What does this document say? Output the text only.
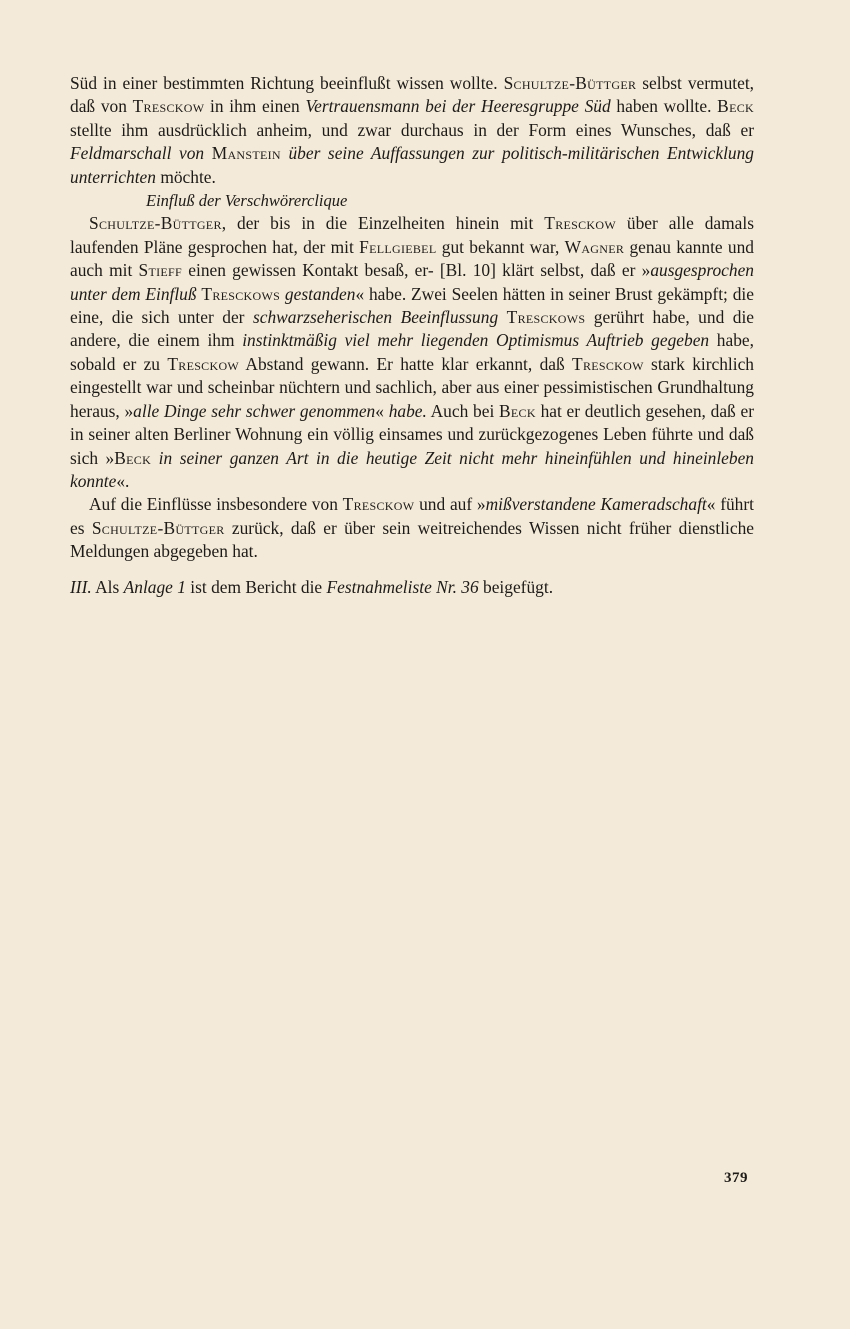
Süd in einer bestimmten Richtung beeinflußt wissen wollte. Schultze-Büttger selbst vermutet, daß von Tresckow in ihm einen Vertrauensmann bei der Heeresgruppe Süd haben wollte. Beck stellte ihm ausdrücklich anheim, und zwar durchaus in der Form eines Wunsches, daß er Feldmarschall von Manstein über seine Auffassungen zur politisch-militärischen Entwicklung unterrichten möchte.

Einfluß der Verschwörerclique

Schultze-Büttger, der bis in die Einzelheiten hinein mit Tresckow über alle damals laufenden Pläne gesprochen hat, der mit Fellgiebel gut bekannt war, Wagner genau kannte und auch mit Stieff einen gewissen Kontakt besaß, er- [Bl. 10] klärt selbst, daß er »ausgesprochen unter dem Einfluß Tresckows gestanden« habe. Zwei Seelen hätten in seiner Brust gekämpft; die eine, die sich unter der schwarzseherischen Beeinflussung Tresckows gerührt habe, und die andere, die einem ihm instinktmäßig viel mehr liegenden Optimismus Auftrieb gegeben habe, sobald er zu Tresckow Abstand gewann. Er hatte klar erkannt, daß Tresckow stark kirchlich eingestellt war und scheinbar nüchtern und sachlich, aber aus einer pessimistischen Grundhaltung heraus, »alle Dinge sehr schwer genommen« habe. Auch bei Beck hat er deutlich gesehen, daß er in seiner alten Berliner Wohnung ein völlig einsames und zurückgezogenes Leben führte und daß sich »Beck in seiner ganzen Art in die heutige Zeit nicht mehr hineinfühlen und hineinleben konnte«.

Auf die Einflüsse insbesondere von Tresckow und auf »mißverstandene Kameradschaft« führt es Schultze-Büttger zurück, daß er über sein weitreichendes Wissen nicht früher dienstliche Meldungen abgegeben hat.

III. Als Anlage 1 ist dem Bericht die Festnahmeliste Nr. 36 beigefügt.

379
